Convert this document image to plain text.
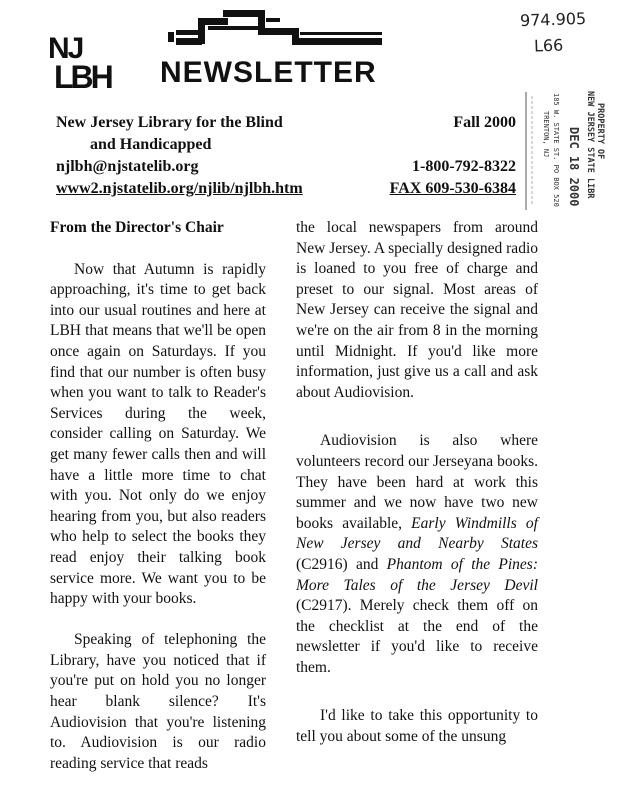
NJ
LBH NEWSLETTER
974.905
L66
New Jersey Library for the Blind
and Handicapped
njlbh@njstatelib.org
www2.njstatelib.org/njlib/njlbh.htm
Fall 2000
1-800-792-8322
FAX 609-530-6384
PROPERTY OF
NEW JERSEY STATE LIBR
DEC 18 2000
185 W. STATE ST. PO BOX 520
TRENTON, NJ
From the Director's Chair

Now that Autumn is rapidly approaching, it's time to get back into our usual routines and here at LBH that means that we'll be open once again on Saturdays. If you find that our number is often busy when you want to talk to Reader's Services during the week, consider calling on Saturday. We get many fewer calls then and will have a little more time to chat with you. Not only do we enjoy hearing from you, but also readers who help to select the books they read enjoy their talking book service more. We want you to be happy with your books.

Speaking of telephoning the Library, have you noticed that if you're put on hold you no longer hear blank silence? It's Audiovision that you're listening to. Audiovision is our radio reading service that reads

the local newspapers from around New Jersey. A specially designed radio is loaned to you free of charge and preset to our signal. Most areas of New Jersey can receive the signal and we're on the air from 8 in the morning until Midnight. If you'd like more information, just give us a call and ask about Audiovision.

Audiovision is also where volunteers record our Jerseyana books. They have been hard at work this summer and we now have two new books available, Early Windmills of New Jersey and Nearby States (C2916) and Phantom of the Pines: More Tales of the Jersey Devil (C2917). Merely check them off on the checklist at the end of the newsletter if you'd like to receive them.

I'd like to take this opportunity to tell you about some of the unsung
